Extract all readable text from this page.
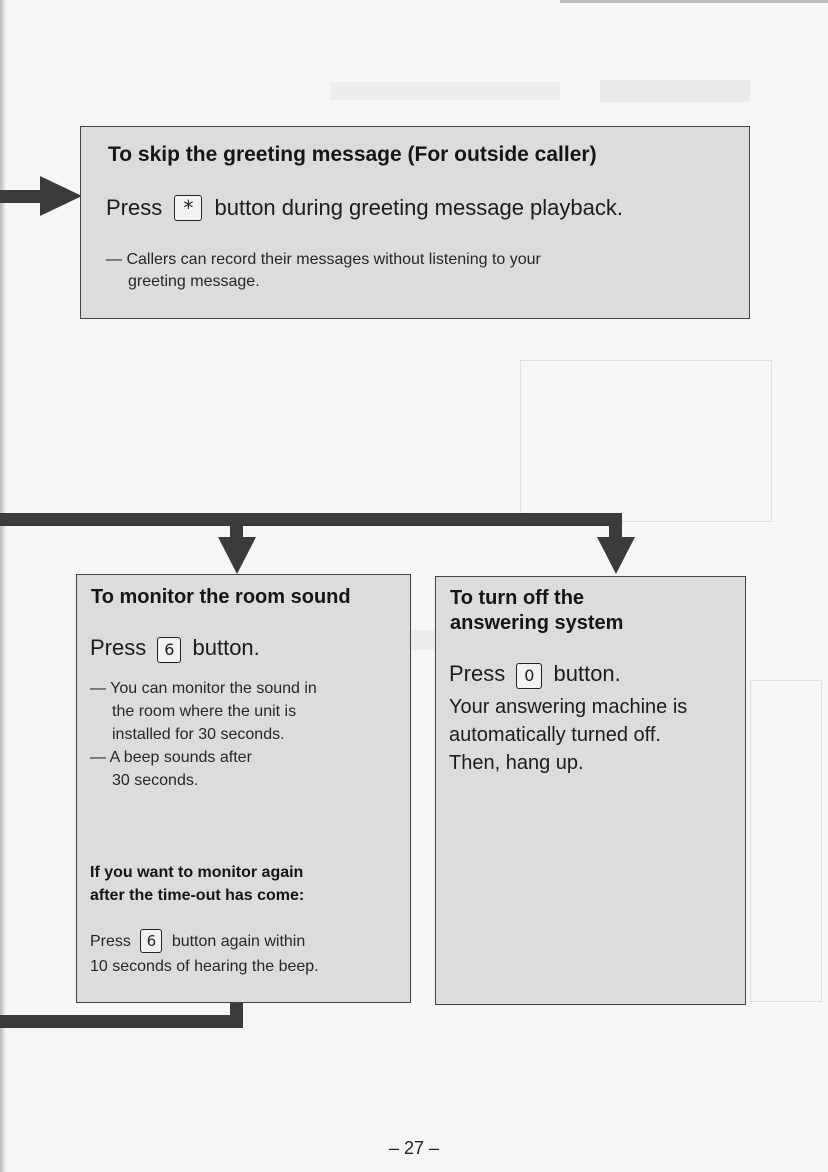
To skip the greeting message (For outside caller)
Press * button during greeting message playback.
— Callers can record their messages without listening to your
greeting message.
To monitor the room sound
Press 6 button.
— You can monitor the sound in
the room where the unit is
installed for 30 seconds.
— A beep sounds after
30 seconds.
If you want to monitor again
after the time-out has come:
Press 6 button again within
10 seconds of hearing the beep.
To turn off the
answering system
Press 0 button.
Your answering machine is
automatically turned off.
Then, hang up.
– 27 –
